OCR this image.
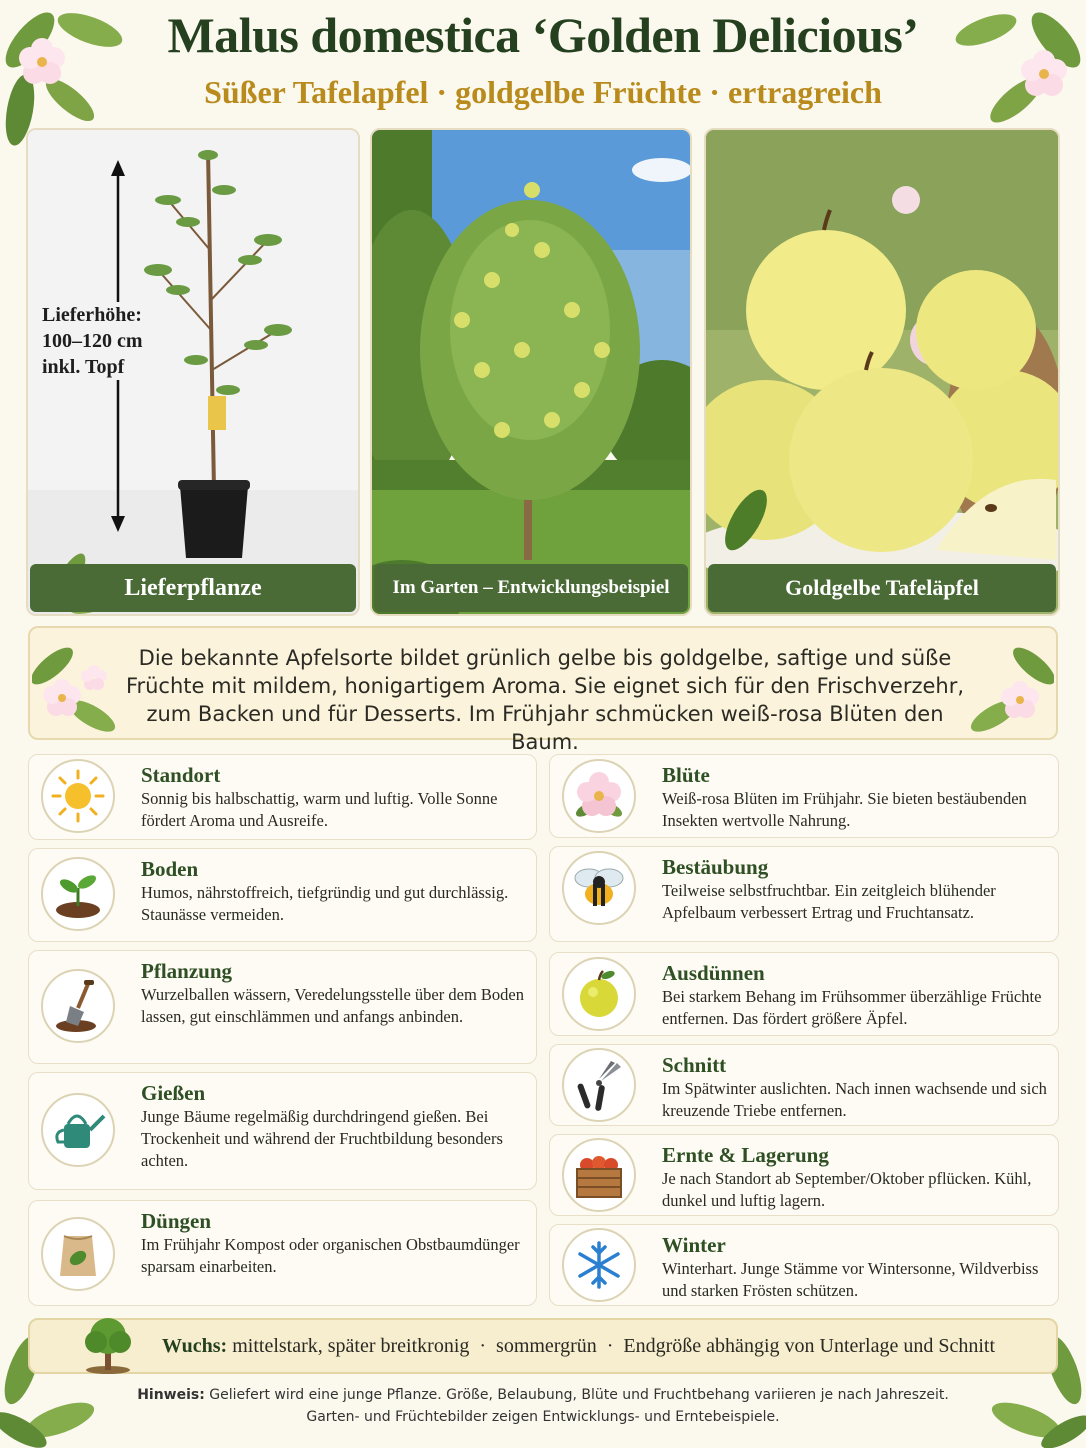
Malus domestica ‘Golden Delicious’
Süßer Tafelapfel · goldgelbe Früchte · ertragreich
Lieferhöhe: 100–120 cm inkl. Topf
Lieferpflanze	Im Garten – Entwicklungsbeispiel	Goldgelbe Tafeläpfel
Die bekannte Apfelsorte bildet grünlich gelbe bis goldgelbe, saftige und süße Früchte mit mildem, honigartigem Aroma. Sie eignet sich für den Frischverzehr, zum Backen und für Desserts. Im Frühjahr schmücken weiß-rosa Blüten den Baum.
Standort
Sonnig bis halbschattig, warm und luftig. Volle Sonne fördert Aroma und Ausreife.
Boden
Humos, nährstoffreich, tiefgründig und gut durchlässig. Staunässe vermeiden.
Pflanzung
Wurzelballen wässern, Veredelungsstelle über dem Boden lassen, gut einschlämmen und anfangs anbinden.
Gießen
Junge Bäume regelmäßig durchdringend gießen. Bei Trockenheit und während der Fruchtbildung besonders achten.
Düngen
Im Frühjahr Kompost oder organischen Obstbaumdünger sparsam einarbeiten.
Blüte
Weiß-rosa Blüten im Frühjahr. Sie bieten bestäubenden Insekten wertvolle Nahrung.
Bestäubung
Teilweise selbstfruchtbar. Ein zeitgleich blühender Apfelbaum verbessert Ertrag und Fruchtansatz.
Ausdünnen
Bei starkem Behang im Frühsommer überzählige Früchte entfernen. Das fördert größere Äpfel.
Schnitt
Im Spätwinter auslichten. Nach innen wachsende und sich kreuzende Triebe entfernen.
Ernte & Lagerung
Je nach Standort ab September/Oktober pflücken. Kühl, dunkel und luftig lagern.
Winter
Winterhart. Junge Stämme vor Wintersonne, Wildverbiss und starken Frösten schützen.
Wuchs: mittelstark, später breitkronig  ·  sommergrün  ·  Endgröße abhängig von Unterlage und Schnitt
Hinweis: Geliefert wird eine junge Pflanze. Größe, Belaubung, Blüte und Fruchtbehang variieren je nach Jahreszeit.
Garten- und Früchtebilder zeigen Entwicklungs- und Erntebeispiele.
